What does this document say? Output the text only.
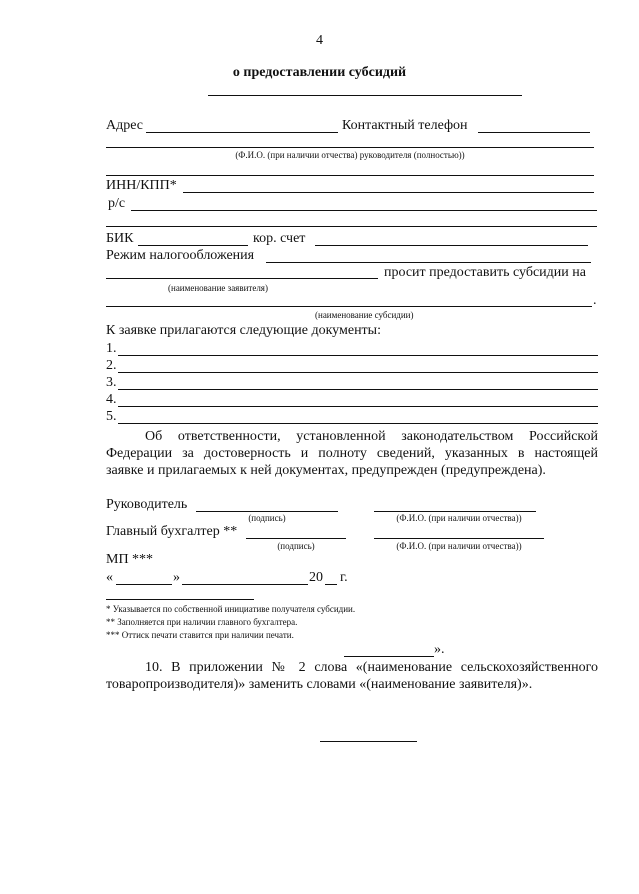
4
о предоставлении субсидий
Адрес	Контактный телефон
(Ф.И.О. (при наличии отчества) руководителя (полностью))
ИНН/КПП*
р/с
БИК	кор. счет
Режим налогообложения
просит предоставить субсидии на
(наименование заявителя)
.
(наименование субсидии)
К заявке прилагаются следующие документы:
1.
2.
3.
4.
5.
Об ответственности, установленной законодательством Российской
Федерации за достоверность и полноту сведений, указанных в настоящей
заявке и прилагаемых к ней документах, предупрежден (предупреждена).
Руководитель
(подпись)	(Ф.И.О. (при наличии отчества))
Главный бухгалтер **
(подпись)	(Ф.И.О. (при наличии отчества))
МП ***
«	»	20 г.
* Указывается по собственной инициативе получателя субсидии.
** Заполняется при наличии главного бухгалтера.
*** Оттиск печати ставится при наличии печати.
».
10. В приложении № 2 слова «(наименование сельскохозяйственного
товаропроизводителя)» заменить словами «(наименование заявителя)».
